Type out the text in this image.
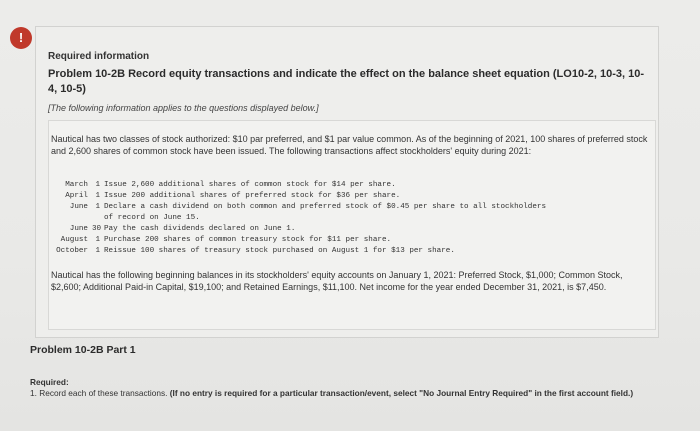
!
Required information
Problem 10-2B Record equity transactions and indicate the effect on the balance sheet equation (LO10-2, 10-3, 10-4, 10-5)
[The following information applies to the questions displayed below.]
Nautical has two classes of stock authorized: $10 par preferred, and $1 par value common. As of the beginning of 2021, 100 shares of preferred stock and 2,600 shares of common stock have been issued. The following transactions affect stockholders' equity during 2021:
March 1 Issue 2,600 additional shares of common stock for $14 per share.
April 1 Issue 200 additional shares of preferred stock for $36 per share.
June 1 Declare a cash dividend on both common and preferred stock of $0.45 per share to all stockholders
of record on June 15.
June 30 Pay the cash dividends declared on June 1.
August 1 Purchase 200 shares of common treasury stock for $11 per share.
October 1 Reissue 100 shares of treasury stock purchased on August 1 for $13 per share.
Nautical has the following beginning balances in its stockholders' equity accounts on January 1, 2021: Preferred Stock, $1,000; Common Stock, $2,600; Additional Paid-in Capital, $19,100; and Retained Earnings, $11,100. Net income for the year ended December 31, 2021, is $7,450.
Problem 10-2B Part 1
Required:
1. Record each of these transactions. (If no entry is required for a particular transaction/event, select "No Journal Entry Required" in the first account field.)
